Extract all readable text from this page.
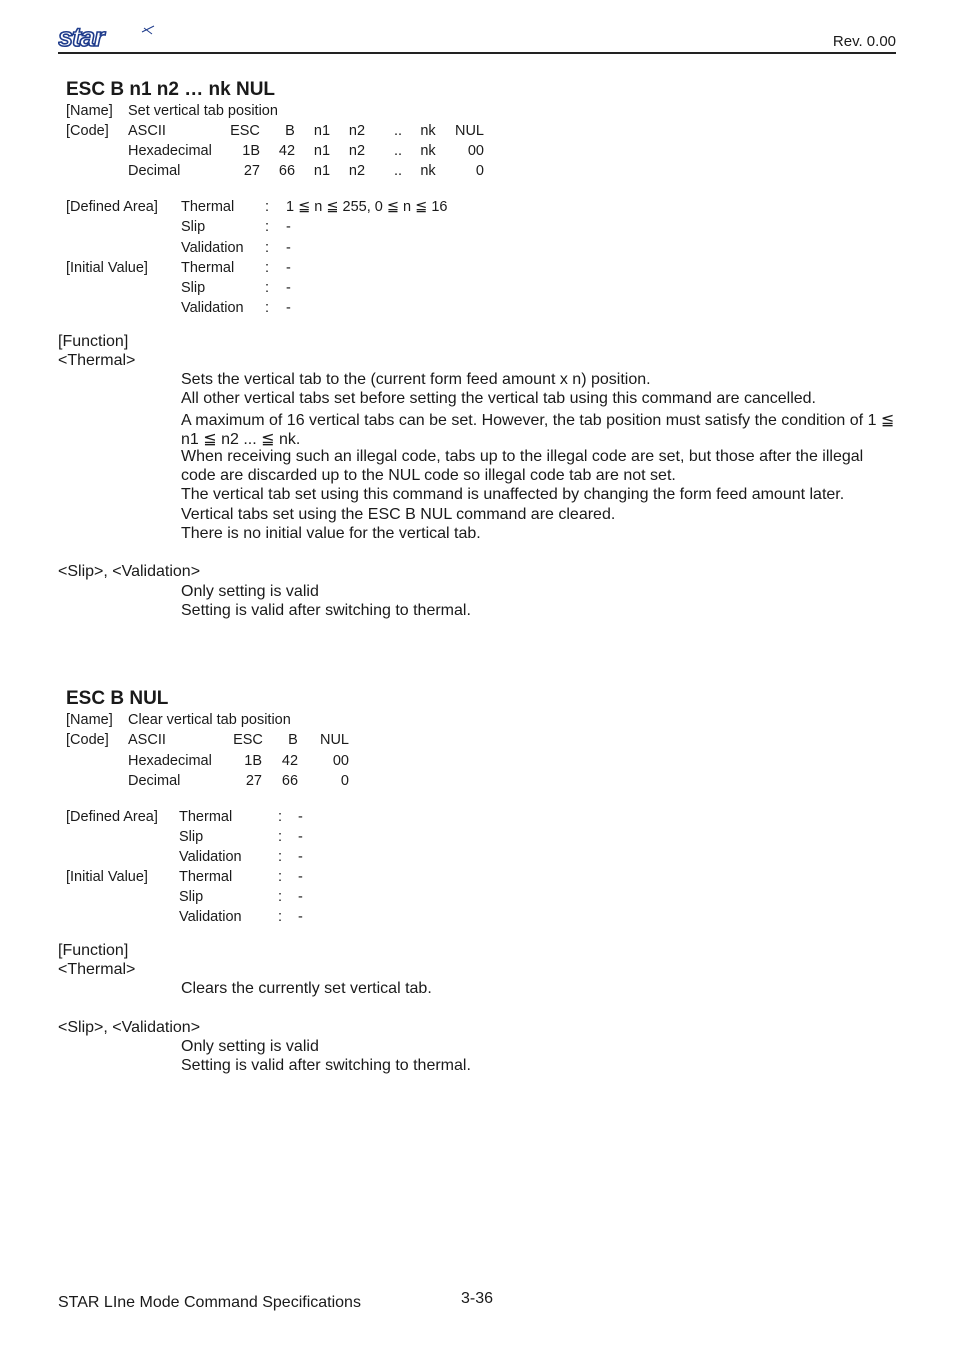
star	Rev. 0.00
ESC B n1 n2 … nk NUL
[Name] Set vertical tab position
[Code] ASCII	ESC	B	n1	n2	..	nk	NUL
Hexadecimal	1B	42	n1	n2	..	nk	00
Decimal	27	66	n1	n2	..	nk	0
[Defined Area] Thermal : 1 ≦ n ≦ 255, 0 ≦ n ≦ 16
Slip	: -
Validation : -
[Initial Value] Thermal : -
Slip	: -
Validation : -
[Function]
<Thermal>
Sets the vertical tab to the (current form feed amount x n) position.
All other vertical tabs set before setting the vertical tab using this command are cancelled.
A maximum of 16 vertical tabs can be set. However, the tab position must satisfy the condition of 1 ≦
n1 ≦ n2 ... ≦ nk.
When receiving such an illegal code, tabs up to the illegal code are set, but those after the illegal
code are discarded up to the NUL code so illegal code tab are not set.
The vertical tab set using this command is unaffected by changing the form feed amount later.
Vertical tabs set using the ESC B NUL command are cleared.
There is no initial value for the vertical tab.
<Slip>, <Validation>
Only setting is valid
Setting is valid after switching to thermal.
ESC B NUL
[Name] Clear vertical tab position
[Code] ASCII	ESC	B	NUL
Hexadecimal	1B	42	00
Decimal	27	66	0
[Defined Area] Thermal	: -
Slip	: -
Validation	: -
[Initial Value] Thermal	: -
Slip	: -
Validation	: -
[Function]
<Thermal>
Clears the currently set vertical tab.
<Slip>, <Validation>
Only setting is valid
Setting is valid after switching to thermal.
STAR LIne Mode Command Specifications	3-36
